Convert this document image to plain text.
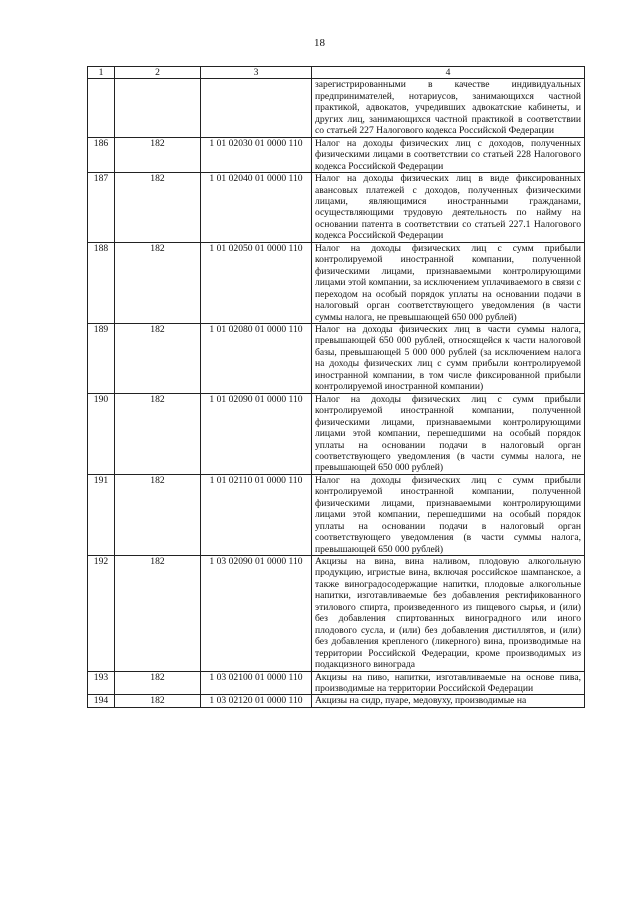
18
1	2	3	4
			зарегистрированными в качестве индивидуальных предпринимателей, нотариусов, занимающихся частной практикой, адвокатов, учредивших адвокатские кабинеты, и других лиц, занимающихся частной практикой в соответствии со статьей 227 Налогового кодекса Российской Федерации
186	182	1 01 02030 01 0000 110	Налог на доходы физических лиц с доходов, полученных физическими лицами в соответствии со статьей 228 Налогового кодекса Российской Федерации
187	182	1 01 02040 01 0000 110	Налог на доходы физических лиц в виде фиксированных авансовых платежей с доходов, полученных физическими лицами, являющимися иностранными гражданами, осуществляющими трудовую деятельность по найму на основании патента в соответствии со статьей 227.1 Налогового кодекса Российской Федерации
188	182	1 01 02050 01 0000 110	Налог на доходы физических лиц с сумм прибыли контролируемой иностранной компании, полученной физическими лицами, признаваемыми контролирующими лицами этой компании, за исключением уплачиваемого в связи с переходом на особый порядок уплаты на основании подачи в налоговый орган соответствующего уведомления (в части суммы налога, не превышающей 650 000 рублей)
189	182	1 01 02080 01 0000 110	Налог на доходы физических лиц в части суммы налога, превышающей 650 000 рублей, относящейся к части налоговой базы, превышающей 5 000 000 рублей (за исключением налога на доходы физических лиц с сумм прибыли контролируемой иностранной компании, в том числе фиксированной прибыли контролируемой иностранной компании)
190	182	1 01 02090 01 0000 110	Налог на доходы физических лиц с сумм прибыли контролируемой иностранной компании, полученной физическими лицами, признаваемыми контролирующими лицами этой компании, перешедшими на особый порядок уплаты на основании подачи в налоговый орган соответствующего уведомления (в части суммы налога, не превышающей 650 000 рублей)
191	182	1 01 02110 01 0000 110	Налог на доходы физических лиц с сумм прибыли контролируемой иностранной компании, полученной физическими лицами, признаваемыми контролирующими лицами этой компании, перешедшими на особый порядок уплаты на основании подачи в налоговый орган соответствующего уведомления (в части суммы налога, превышающей 650 000 рублей)
192	182	1 03 02090 01 0000 110	Акцизы на вина, вина наливом, плодовую алкогольную продукцию, игристые вина, включая российское шампанское, а также виноградосодержащие напитки, плодовые алкогольные напитки, изготавливаемые без добавления ректификованного этилового спирта, произведенного из пищевого сырья, и (или) без добавления спиртованных виноградного или иного плодового сусла, и (или) без добавления дистиллятов, и (или) без добавления крепленого (ликерного) вина, производимые на территории Российской Федерации, кроме производимых из подакцизного винограда
193	182	1 03 02100 01 0000 110	Акцизы на пиво, напитки, изготавливаемые на основе пива, производимые на территории Российской Федерации
194	182	1 03 02120 01 0000 110	Акцизы на сидр, пуаре, медовуху, производимые на
